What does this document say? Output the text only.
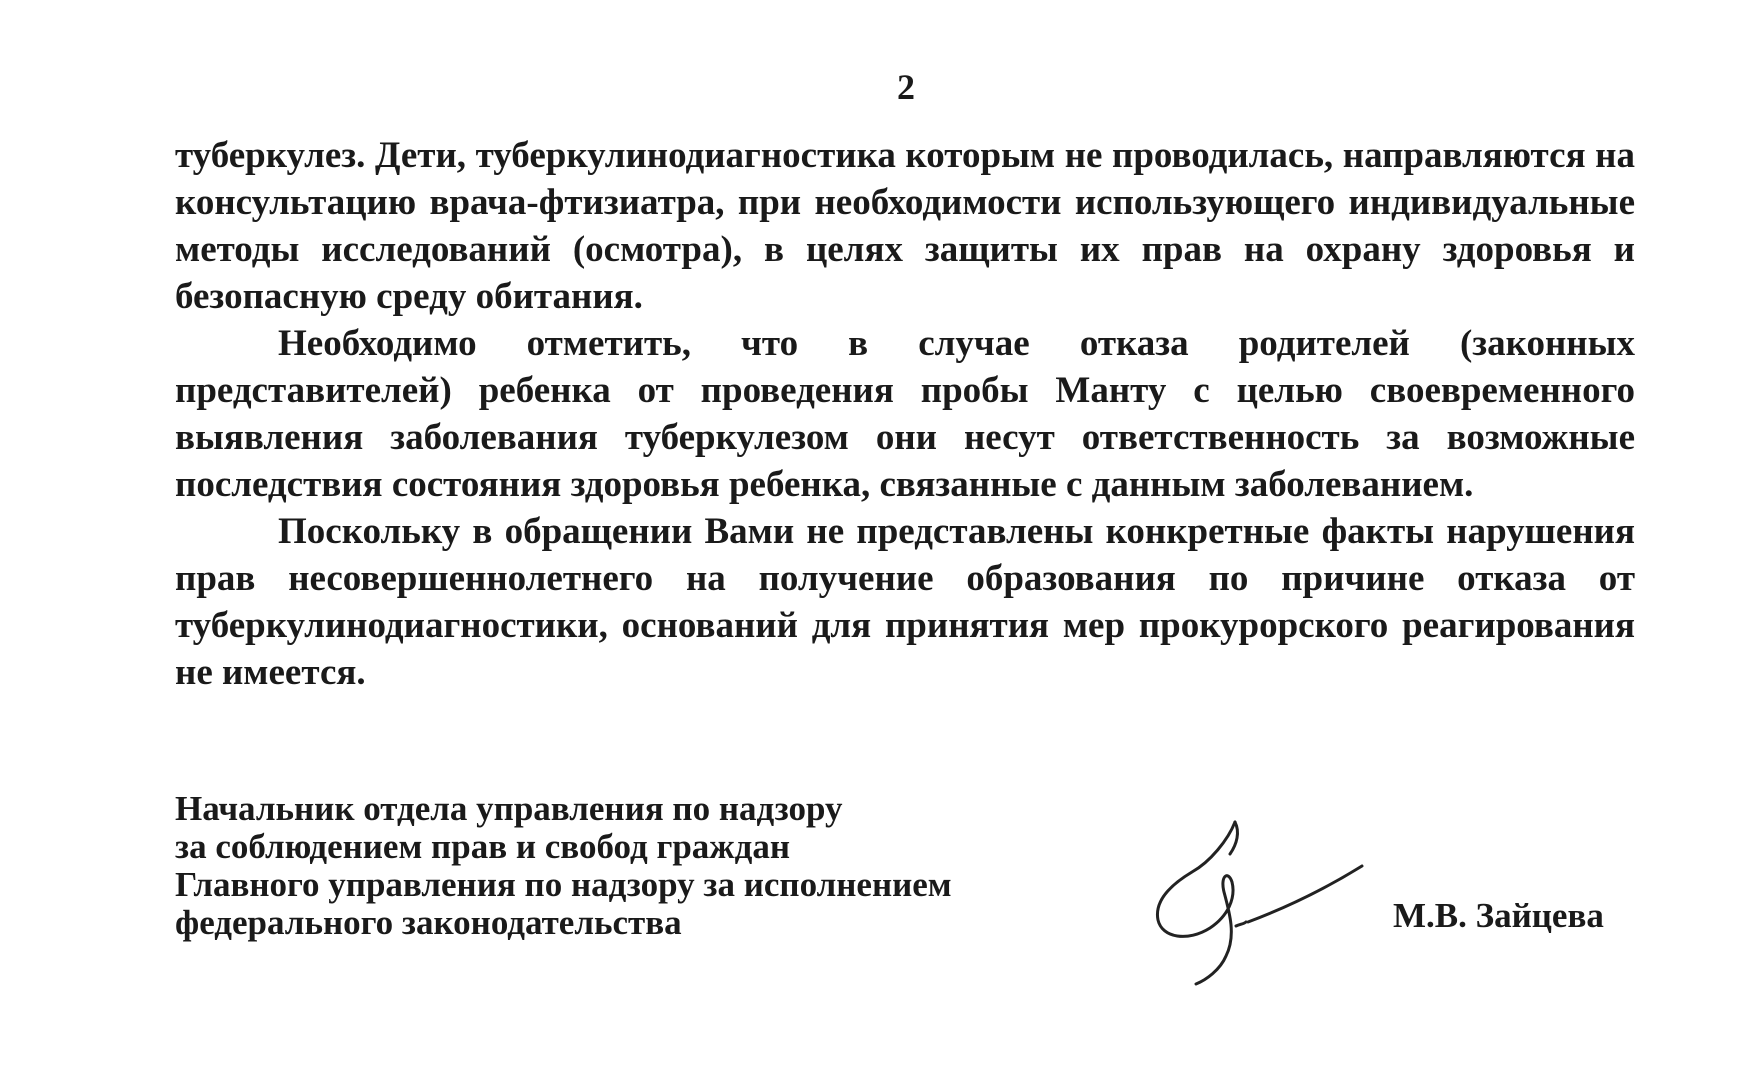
2

туберкулез. Дети, туберкулинодиагностика которым не проводилась, направляются на консультацию врача-фтизиатра, при необходимости использующего индивидуальные методы исследований (осмотра), в целях защиты их прав на охрану здоровья и безопасную среду обитания.

Необходимо отметить, что в случае отказа родителей (законных представителей) ребенка от проведения пробы Манту с целью своевременного выявления заболевания туберкулезом они несут ответственность за возможные последствия состояния здоровья ребенка, связанные с данным заболеванием.

Поскольку в обращении Вами не представлены конкретные факты нарушения прав несовершеннолетнего на получение образования по причине отказа от туберкулинодиагностики, оснований для принятия мер прокурорского реагирования не имеется.

Начальник отдела управления по надзору
за соблюдением прав и свобод граждан
Главного управления по надзору за исполнением
федерального законодательства	М.В. Зайцева
